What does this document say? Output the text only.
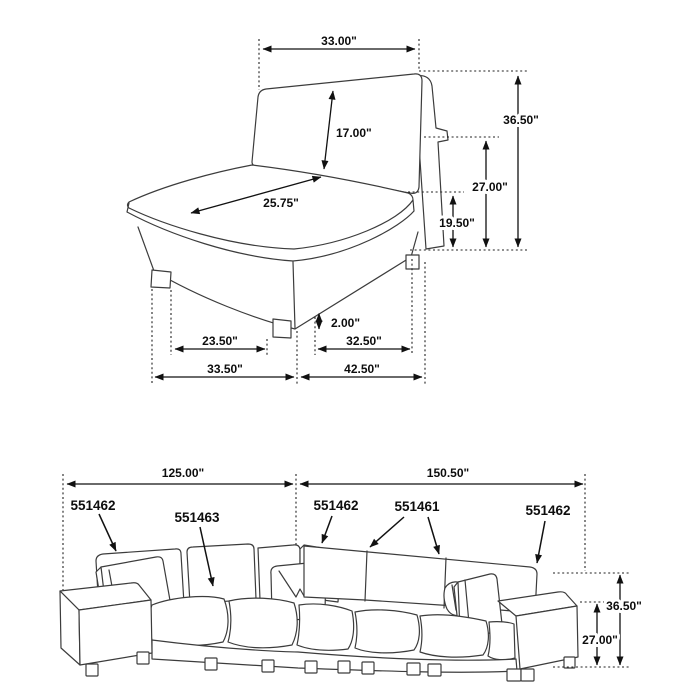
33.00"
17.00"
25.75"
36.50"
27.00"
19.50"
2.00"
23.50"	32.50"
33.50"	42.50"
125.00"	150.50"
36.50"
27.00"
551462
551463
551462	551461	551462
